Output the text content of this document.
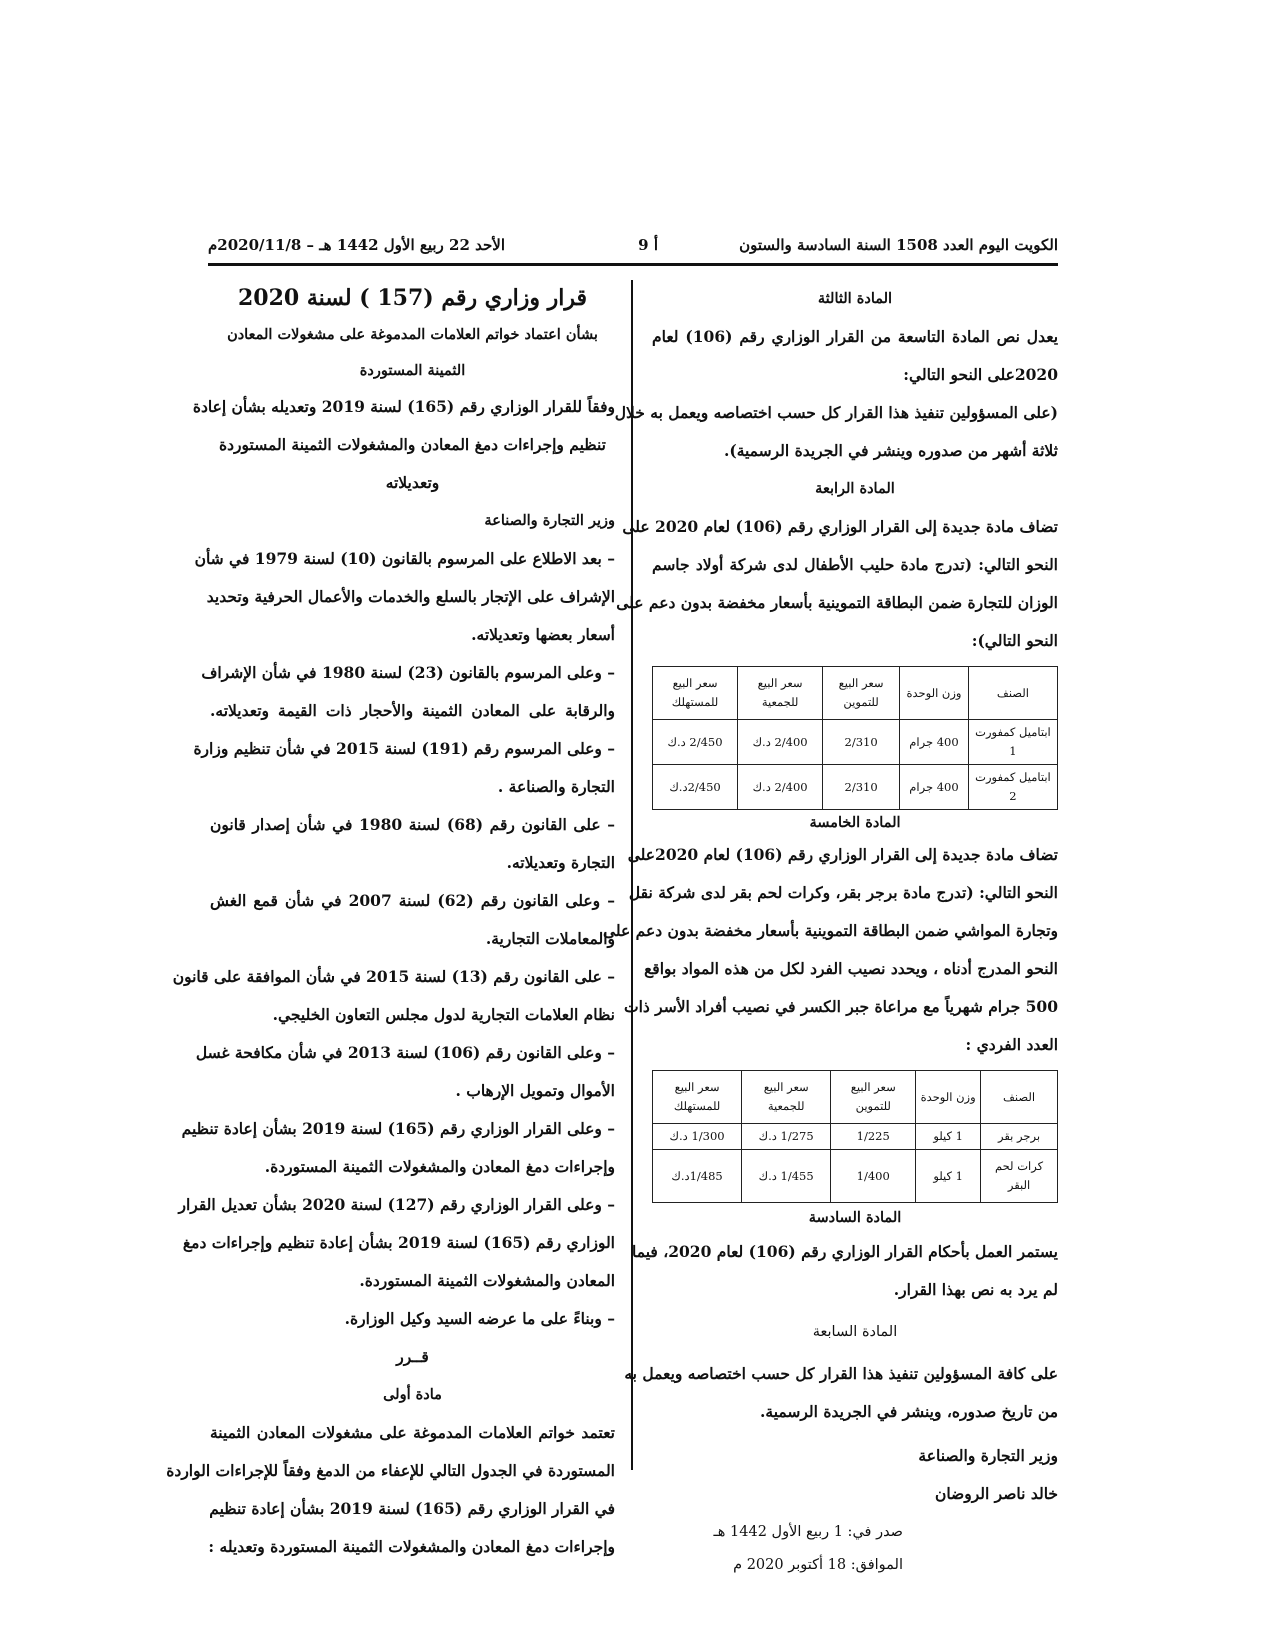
الكويت اليوم العدد 1508 السنة السادسة والستون
أ 9
الأحد 22 ربيع الأول 1442 هـ – 2020/11/8م
المادة الثالثة
يعدل نص المادة التاسعة من القرار الوزاري رقم (106) لعام
2020على النحو التالي:
(على المسؤولين تنفيذ هذا القرار كل حسب اختصاصه ويعمل به خلال
ثلاثة أشهر من صدوره وينشر في الجريدة الرسمية).
المادة الرابعة
تضاف مادة جديدة إلى القرار الوزاري رقم (106) لعام 2020 على
النحو التالي: (تدرج مادة حليب الأطفال لدى شركة أولاد جاسم
الوزان للتجارة ضمن البطاقة التموينية بأسعار مخفضة بدون دعم على
النحو التالي):
الصنف	وزن الوحدة	سعر البيع للتموين	سعر البيع للجمعية	سعر البيع للمستهلك
ابتاميل كمفورت 1	400 جرام	2/310	2/400 د.ك	2/450 د.ك
ابتاميل كمفورت 2	400 جرام	2/310	2/400 د.ك	2/450د.ك
المادة الخامسة
تضاف مادة جديدة إلى القرار الوزاري رقم (106) لعام 2020على
النحو التالي: (تدرج مادة برجر بقر، وكرات لحم بقر لدى شركة نقل
وتجارة المواشي ضمن البطاقة التموينية بأسعار مخفضة بدون دعم على
النحو المدرج أدناه ، ويحدد نصيب الفرد لكل من هذه المواد بواقع
500 جرام شهرياً مع مراعاة جبر الكسر في نصيب أفراد الأسر ذات
العدد الفردي :
الصنف	وزن الوحدة	سعر البيع للتموين	سعر البيع للجمعية	سعر البيع للمستهلك
برجر بقر	1 كيلو	1/225	1/275 د.ك	1/300 د.ك
كرات لحم البقر	1 كيلو	1/400	1/455 د.ك	1/485د.ك
المادة السادسة
يستمر العمل بأحكام القرار الوزاري رقم (106) لعام 2020، فيما
لم يرد به نص بهذا القرار.
المادة السابعة
على كافة المسؤولين تنفيذ هذا القرار كل حسب اختصاصه ويعمل به
من تاريخ صدوره، وينشر في الجريدة الرسمية.
وزير التجارة والصناعة
خالد ناصر الروضان
صدر في: 1 ربيع الأول 1442 هـ
الموافق: 18 أكتوبر 2020 م
قرار وزاري رقم (157 ) لسنة 2020
بشأن اعتماد خواتم العلامات المدموغة على مشغولات المعادن
الثمينة المستوردة
وفقاً للقرار الوزاري رقم (165) لسنة 2019 وتعديله بشأن إعادة
تنظيم وإجراءات دمغ المعادن والمشغولات الثمينة المستوردة
وتعديلاته
وزير التجارة والصناعة
– بعد الاطلاع على المرسوم بالقانون (10) لسنة 1979 في شأن
الإشراف على الإتجار بالسلع والخدمات والأعمال الحرفية وتحديد
أسعار بعضها وتعديلاته.
– وعلى المرسوم بالقانون (23) لسنة 1980 في شأن الإشراف
والرقابة على المعادن الثمينة والأحجار ذات القيمة وتعديلاته.
– وعلى المرسوم رقم (191) لسنة 2015 في شأن تنظيم وزارة
التجارة والصناعة .
– على القانون رقم (68) لسنة 1980 في شأن إصدار قانون
التجارة وتعديلاته.
– وعلى القانون رقم (62) لسنة 2007 في شأن قمع الغش
والمعاملات التجارية.
– على القانون رقم (13) لسنة 2015 في شأن الموافقة على قانون
نظام العلامات التجارية لدول مجلس التعاون الخليجي.
– وعلى القانون رقم (106) لسنة 2013 في شأن مكافحة غسل
الأموال وتمويل الإرهاب .
– وعلى القرار الوزاري رقم (165) لسنة 2019 بشأن إعادة تنظيم
وإجراءات دمغ المعادن والمشغولات الثمينة المستوردة.
– وعلى القرار الوزاري رقم (127) لسنة 2020 بشأن تعديل القرار
الوزاري رقم (165) لسنة 2019 بشأن إعادة تنظيم وإجراءات دمغ
المعادن والمشغولات الثمينة المستوردة.
– وبناءً على ما عرضه السيد وكيل الوزارة.
قــرر
مادة أولى
تعتمد خواتم العلامات المدموغة على مشغولات المعادن الثمينة
المستوردة في الجدول التالي للإعفاء من الدمغ وفقاً للإجراءات الواردة
في القرار الوزاري رقم (165) لسنة 2019 بشأن إعادة تنظيم
وإجراءات دمغ المعادن والمشغولات الثمينة المستوردة وتعديله :
